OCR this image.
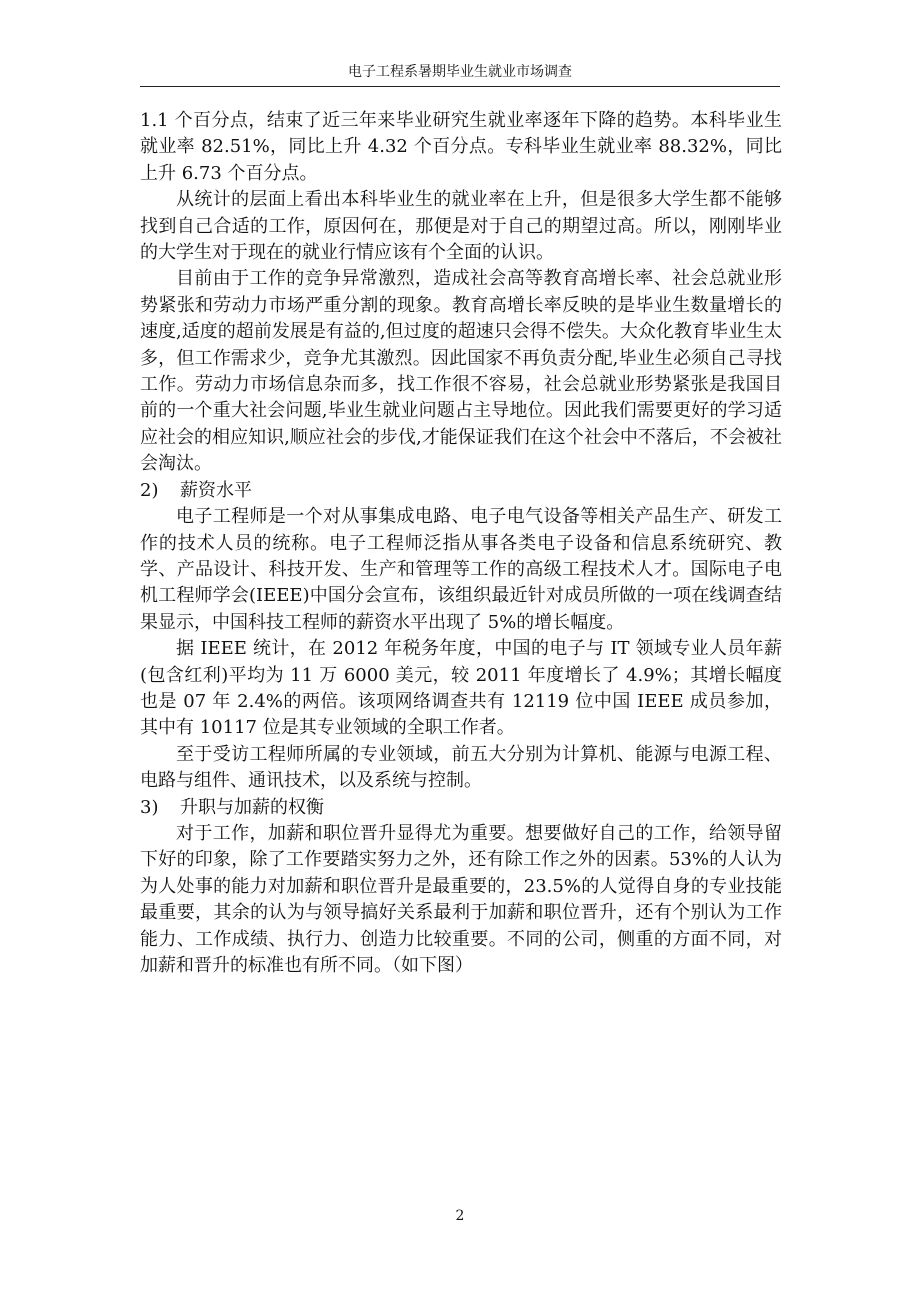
电子工程系暑期毕业生就业市场调查

1.1 个百分点，结束了近三年来毕业研究生就业率逐年下降的趋势。本科毕业生就业率 82.51%，同比上升 4.32 个百分点。专科毕业生就业率 88.32%，同比上升 6.73 个百分点。

从统计的层面上看出本科毕业生的就业率在上升，但是很多大学生都不能够找到自己合适的工作，原因何在，那便是对于自己的期望过高。所以，刚刚毕业的大学生对于现在的就业行情应该有个全面的认识。

目前由于工作的竞争异常激烈，造成社会高等教育高增长率、社会总就业形势紧张和劳动力市场严重分割的现象。教育高增长率反映的是毕业生数量增长的速度,适度的超前发展是有益的,但过度的超速只会得不偿失。大众化教育毕业生太多，但工作需求少，竞争尤其激烈。因此国家不再负责分配,毕业生必须自己寻找工作。劳动力市场信息杂而多，找工作很不容易，社会总就业形势紧张是我国目前的一个重大社会问题,毕业生就业问题占主导地位。因此我们需要更好的学习适应社会的相应知识,顺应社会的步伐,才能保证我们在这个社会中不落后，不会被社会淘汰。

2) 薪资水平

电子工程师是一个对从事集成电路、电子电气设备等相关产品生产、研发工作的技术人员的统称。电子工程师泛指从事各类电子设备和信息系统研究、教学、产品设计、科技开发、生产和管理等工作的高级工程技术人才。国际电子电机工程师学会(IEEE)中国分会宣布，该组织最近针对成员所做的一项在线调查结果显示，中国科技工程师的薪资水平出现了 5%的增长幅度。

据 IEEE 统计，在 2012 年税务年度，中国的电子与 IT 领域专业人员年薪(包含红利)平均为 11 万 6000 美元，较 2011 年度增长了 4.9%；其增长幅度也是 07 年 2.4%的两倍。该项网络调查共有 12119 位中国 IEEE 成员参加，其中有 10117 位是其专业领域的全职工作者。

至于受访工程师所属的专业领域，前五大分别为计算机、能源与电源工程、电路与组件、通讯技术，以及系统与控制。

3) 升职与加薪的权衡

对于工作，加薪和职位晋升显得尤为重要。想要做好自己的工作，给领导留下好的印象，除了工作要踏实努力之外，还有除工作之外的因素。53%的人认为为人处事的能力对加薪和职位晋升是最重要的，23.5%的人觉得自身的专业技能最重要，其余的认为与领导搞好关系最利于加薪和职位晋升，还有个别认为工作能力、工作成绩、执行力、创造力比较重要。不同的公司，侧重的方面不同，对加薪和晋升的标准也有所不同。（如下图）

2
